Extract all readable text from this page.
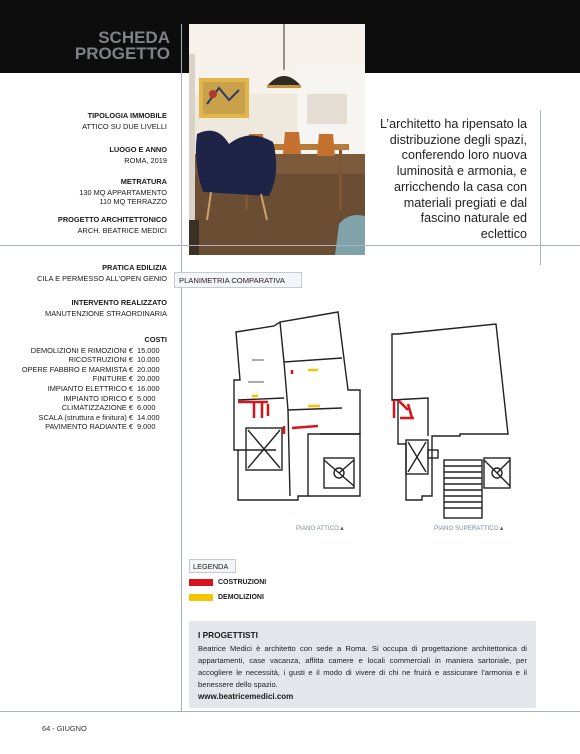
SCHEDA
PROGETTO
TIPOLOGIA IMMOBILE
ATTICO SU DUE LIVELLI
LUOGO E ANNO
ROMA, 2019
METRATURA
130 MQ APPARTAMENTO
110 MQ TERRAZZO
PROGETTO ARCHITETTONICO
ARCH. BEATRICE MEDICI
PRATICA EDILIZIA
CILA E PERMESSO ALL'OPEN GENIO
INTERVENTO REALIZZATO
MANUTENZIONE STRAORDINARIA
COSTI
DEMOLIZIONI E RIMOZIONI € 15.000
RICOSTRUZIONI € 10.000
OPERE FABBRO E MARMISTA € 20.000
FINITURE € 20.000
IMPIANTO ELETTRICO € 16.000
IMPIANTO IDRICO € 5.000
CLIMATIZZAZIONE € 6.000
SCALA (struttura e finitura) € 14.000
PAVIMENTO RADIANTE € 9.000
L’architetto ha ripensato la distribuzione degli spazi, conferendo loro nuova luminosità e armonia, e arricchendo la casa con materiali pregiati e dal fascino naturale ed eclettico
PLANIMETRIA COMPARATIVA
PIANO ATTICO▲	PIANO SUPERATTICO▲
LEGENDA
COSTRUZIONI
DEMOLIZIONI
I PROGETTISTI

Beatrice Medici è architetto con sede a Roma. Si occupa di progettazione architettonica di appartamenti, case vacanza, affitta camere e locali commerciali in maniera sartoriale, per accogliere le necessità, i gusti e il modo di vivere di chi ne fruirà e assicurare l’armonia e il benessere dello spazio.

www.beatricemedici.com
64 - GIUGNO
